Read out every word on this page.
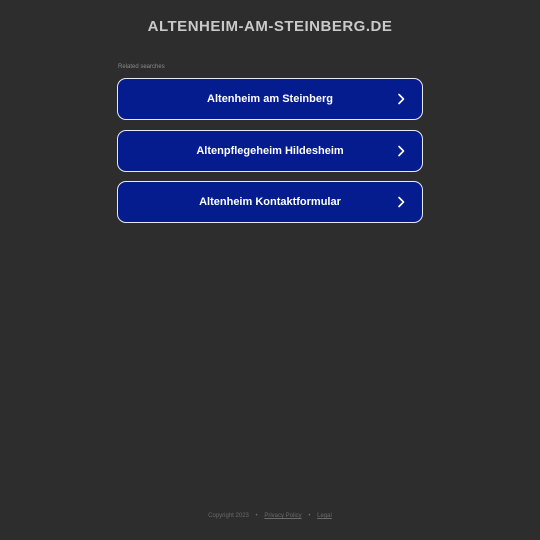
ALTENHEIM-AM-STEINBERG.DE
Related searches
Altenheim am Steinberg
Altenpflegeheim Hildesheim
Altenheim Kontaktformular
Copyright 2023 • Privacy Policy • Legal
